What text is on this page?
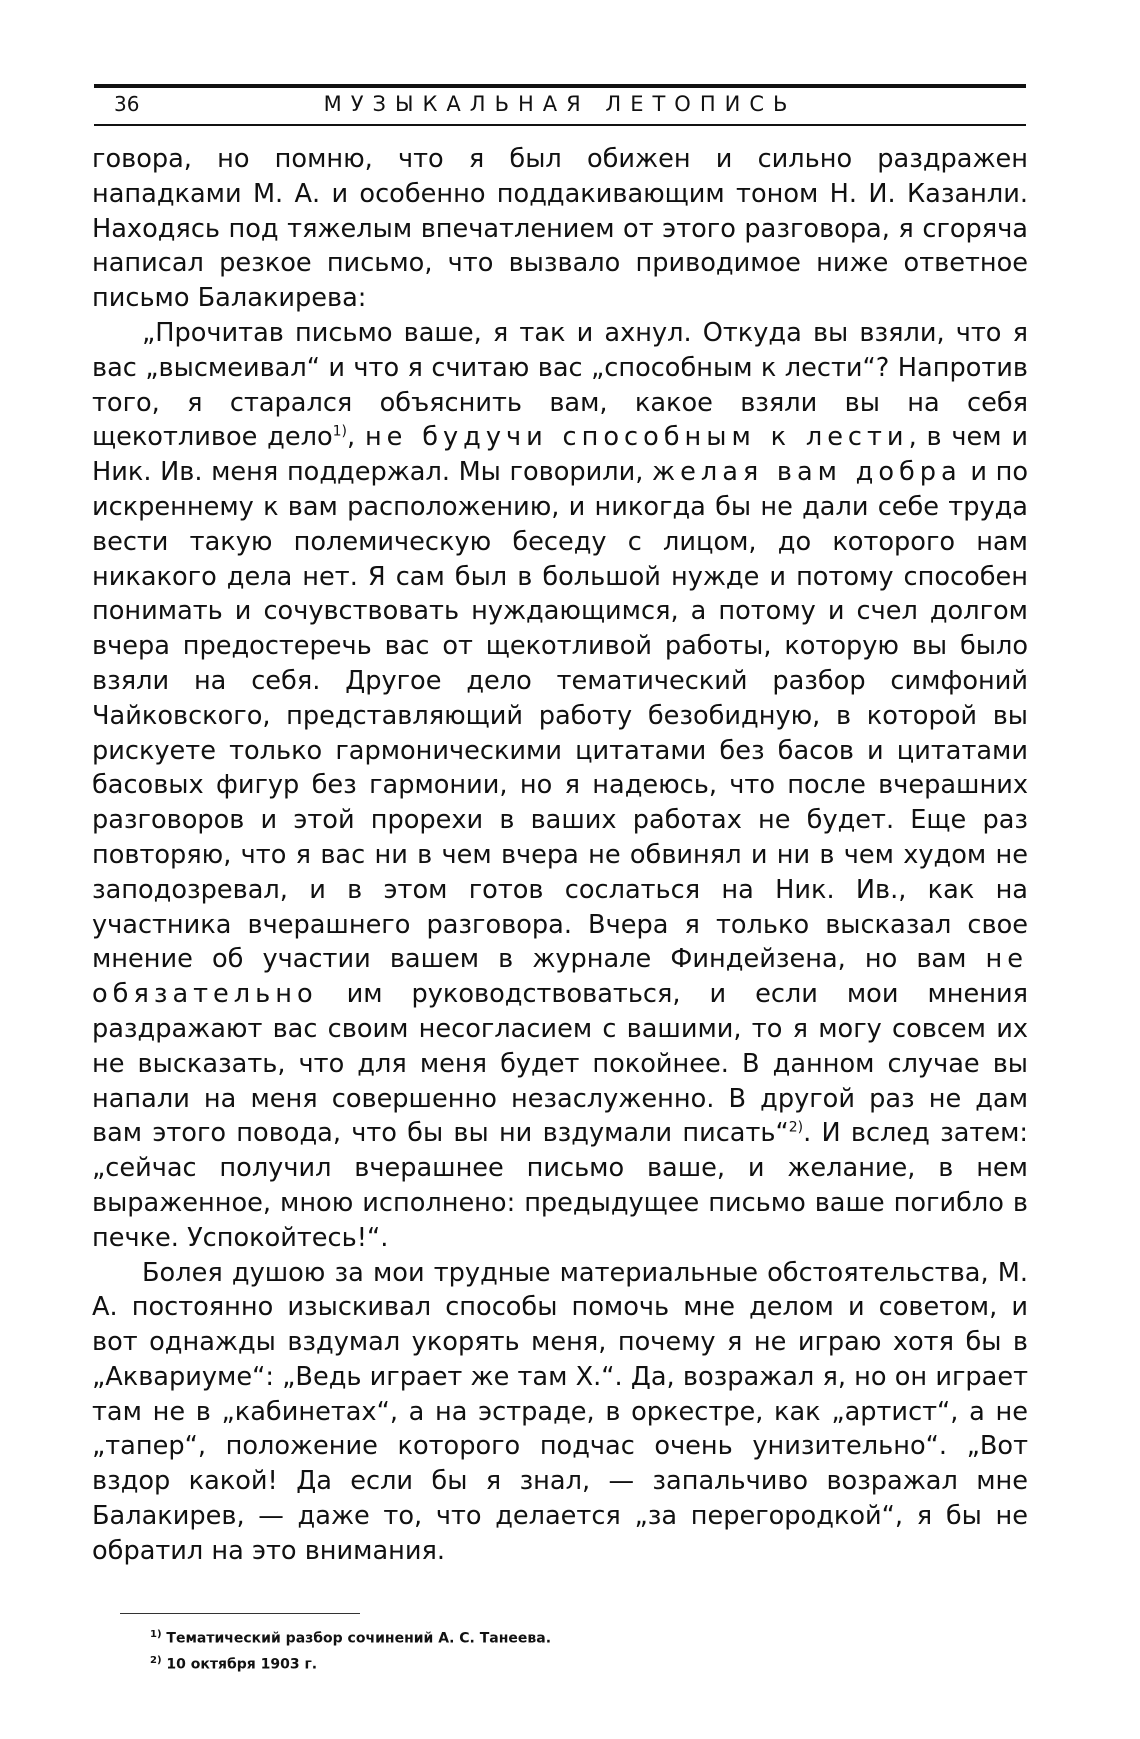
36	МУЗЫКАЛЬНАЯ ЛЕТОПИСЬ

говора, но помню, что я был обижен и сильно раздражен нападками М. А. и особенно поддакивающим тоном Н. И. Казанли. Находясь под тяжелым впечатлением от этого разговора, я сгоряча написал резкое письмо, что вызвало приводимое ниже ответное письмо Балакирева:

„Прочитав письмо ваше, я так и ахнул. Откуда вы взяли, что я вас „высмеивал“ и что я считаю вас „способным к лести“? Напротив того, я старался объяснить вам, какое взяли вы на себя щекотливое дело$^{1)}$, не будучи способным к лести, в чем и Ник. Ив. меня поддержал. Мы говорили, желая вам добра и по искреннему к вам расположению, и никогда бы не дали себе труда вести такую полемическую беседу с лицом, до которого нам никакого дела нет. Я сам был в большой нужде и потому способен понимать и сочувствовать нуждающимся, а потому и счел долгом вчера предостеречь вас от щекотливой работы, которую вы было взяли на себя. Другое дело тематический разбор симфоний Чайковского, представляющий работу безобидную, в которой вы рискуете только гармоническими цитатами без басов и цитатами басовых фигур без гармонии, но я надеюсь, что после вчерашних разговоров и этой прорехи в ваших работах не будет. Еще раз повторяю, что я вас ни в чем вчера не обвинял и ни в чем худом не заподозревал, и в этом готов сослаться на Ник. Ив., как на участника вчерашнего разговора. Вчера я только высказал свое мнение об участии вашем в журнале Финдейзена, но вам не обязательно им руководствоваться, и если мои мнения раздражают вас своим несогласием с вашими, то я могу совсем их не высказать, что для меня будет покойнее. В данном случае вы напали на меня совершенно незаслуженно. В другой раз не дам вам этого повода, что бы вы ни вздумали писать“$^{2)}$. И вслед затем: „сейчас получил вчерашнее письмо ваше, и желание, в нем выраженное, мною исполнено: предыдущее письмо ваше погибло в печке. Успокойтесь!“.

Болея душою за мои трудные материальные обстоятельства, М. А. постоянно изыскивал способы помочь мне делом и советом, и вот однажды вздумал укорять меня, почему я не играю хотя бы в „Аквариуме“: „Ведь играет же там Х.“. Да, возражал я, но он играет там не в „кабинетах“, а на эстраде, в оркестре, как „артист“, а не „тапер“, положение которого подчас очень унизительно“. „Вот вздор какой! Да если бы я знал, — запальчиво возражал мне Балакирев, — даже то, что делается „за перегородкой“, я бы не обратил на это внимания.

$^{1)}$ Тематический разбор сочинений А. С. Танеева.

$^{2)}$ 10 октября 1903 г.
